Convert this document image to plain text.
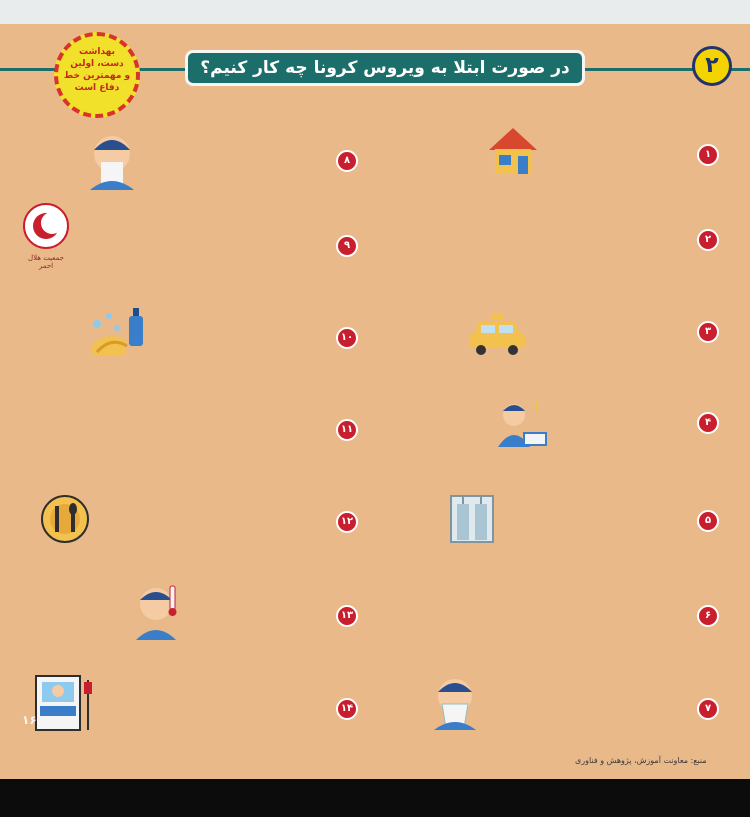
بهداشت
دست، اولین
و مهمترین خط
دفاع است
در صورت ابتلا به ویروس کرونا چه کار کنیم؟	۲
جمعیت هلال احمر
۱
۲
۳
۴
۵
۶
۷
۸
۹
۱۰
۱۱
۱۲
۱۳
۱۴
منبع: معاونت آموزش، پژوهش و فناوری
۱۶:۰۱
